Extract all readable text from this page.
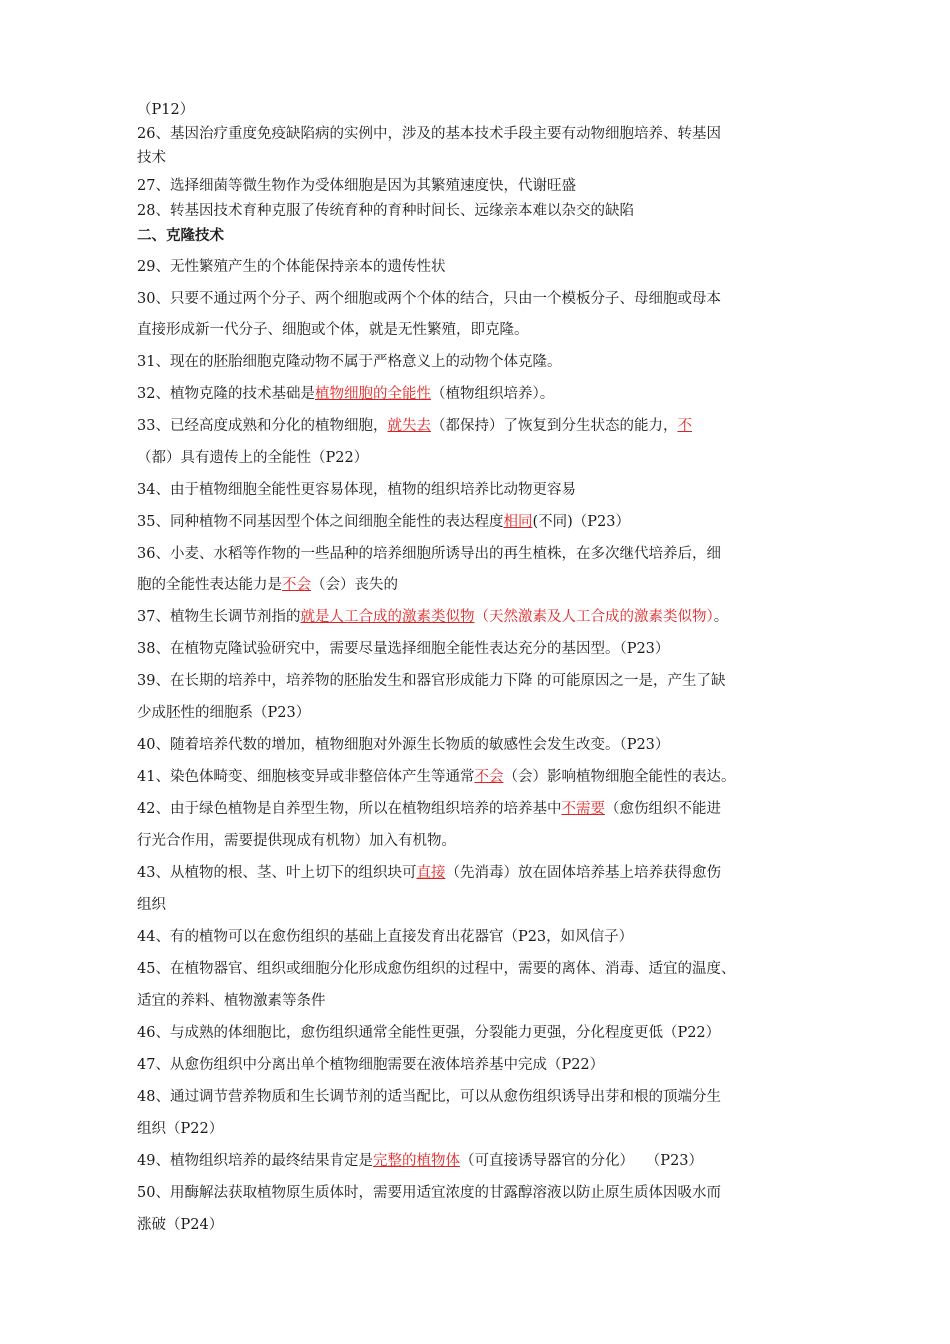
（P12）
26、基因治疗重度免疫缺陷病的实例中，涉及的基本技术手段主要有动物细胞培养、转基因
技术
27、选择细菌等微生物作为受体细胞是因为其繁殖速度快，代谢旺盛
28、转基因技术育种克服了传统育种的育种时间长、远缘亲本难以杂交的缺陷
二、克隆技术
29、无性繁殖产生的个体能保持亲本的遗传性状
30、只要不通过两个分子、两个细胞或两个个体的结合，只由一个模板分子、母细胞或母本
直接形成新一代分子、细胞或个体，就是无性繁殖，即克隆。
31、现在的胚胎细胞克隆动物不属于严格意义上的动物个体克隆。
32、植物克隆的技术基础是植物细胞的全能性（植物组织培养）。
33、已经高度成熟和分化的植物细胞，就失去（都保持）了恢复到分生状态的能力，不
（都）具有遗传上的全能性（P22）
34、由于植物细胞全能性更容易体现，植物的组织培养比动物更容易
35、同种植物不同基因型个体之间细胞全能性的表达程度相同(不同)（P23）
36、小麦、水稻等作物的一些品种的培养细胞所诱导出的再生植株，在多次继代培养后，细
胞的全能性表达能力是不会（会）丧失的
37、植物生长调节剂指的就是人工合成的激素类似物（天然激素及人工合成的激素类似物）。
38、在植物克隆试验研究中，需要尽量选择细胞全能性表达充分的基因型。（P23）
39、在长期的培养中，培养物的胚胎发生和器官形成能力下降 的可能原因之一是，产生了缺
少成胚性的细胞系（P23）
40、随着培养代数的增加，植物细胞对外源生长物质的敏感性会发生改变。（P23）
41、染色体畸变、细胞核变异或非整倍体产生等通常不会（会）影响植物细胞全能性的表达。
42、由于绿色植物是自养型生物，所以在植物组织培养的培养基中不需要（愈伤组织不能进
行光合作用，需要提供现成有机物）加入有机物。
43、从植物的根、茎、叶上切下的组织块可直接（先消毒）放在固体培养基上培养获得愈伤
组织
44、有的植物可以在愈伤组织的基础上直接发育出花器官（P23，如风信子）
45、在植物器官、组织或细胞分化形成愈伤组织的过程中，需要的离体、消毒、适宜的温度、
适宜的养料、植物激素等条件
46、与成熟的体细胞比，愈伤组织通常全能性更强，分裂能力更强，分化程度更低（P22）
47、从愈伤组织中分离出单个植物细胞需要在液体培养基中完成（P22）
48、通过调节营养物质和生长调节剂的适当配比，可以从愈伤组织诱导出芽和根的顶端分生
组织（P22）
49、植物组织培养的最终结果肯定是完整的植物体（可直接诱导器官的分化）　 （P23）
50、用酶解法获取植物原生质体时，需要用适宜浓度的甘露醇溶液以防止原生质体因吸水而
涨破（P24）
